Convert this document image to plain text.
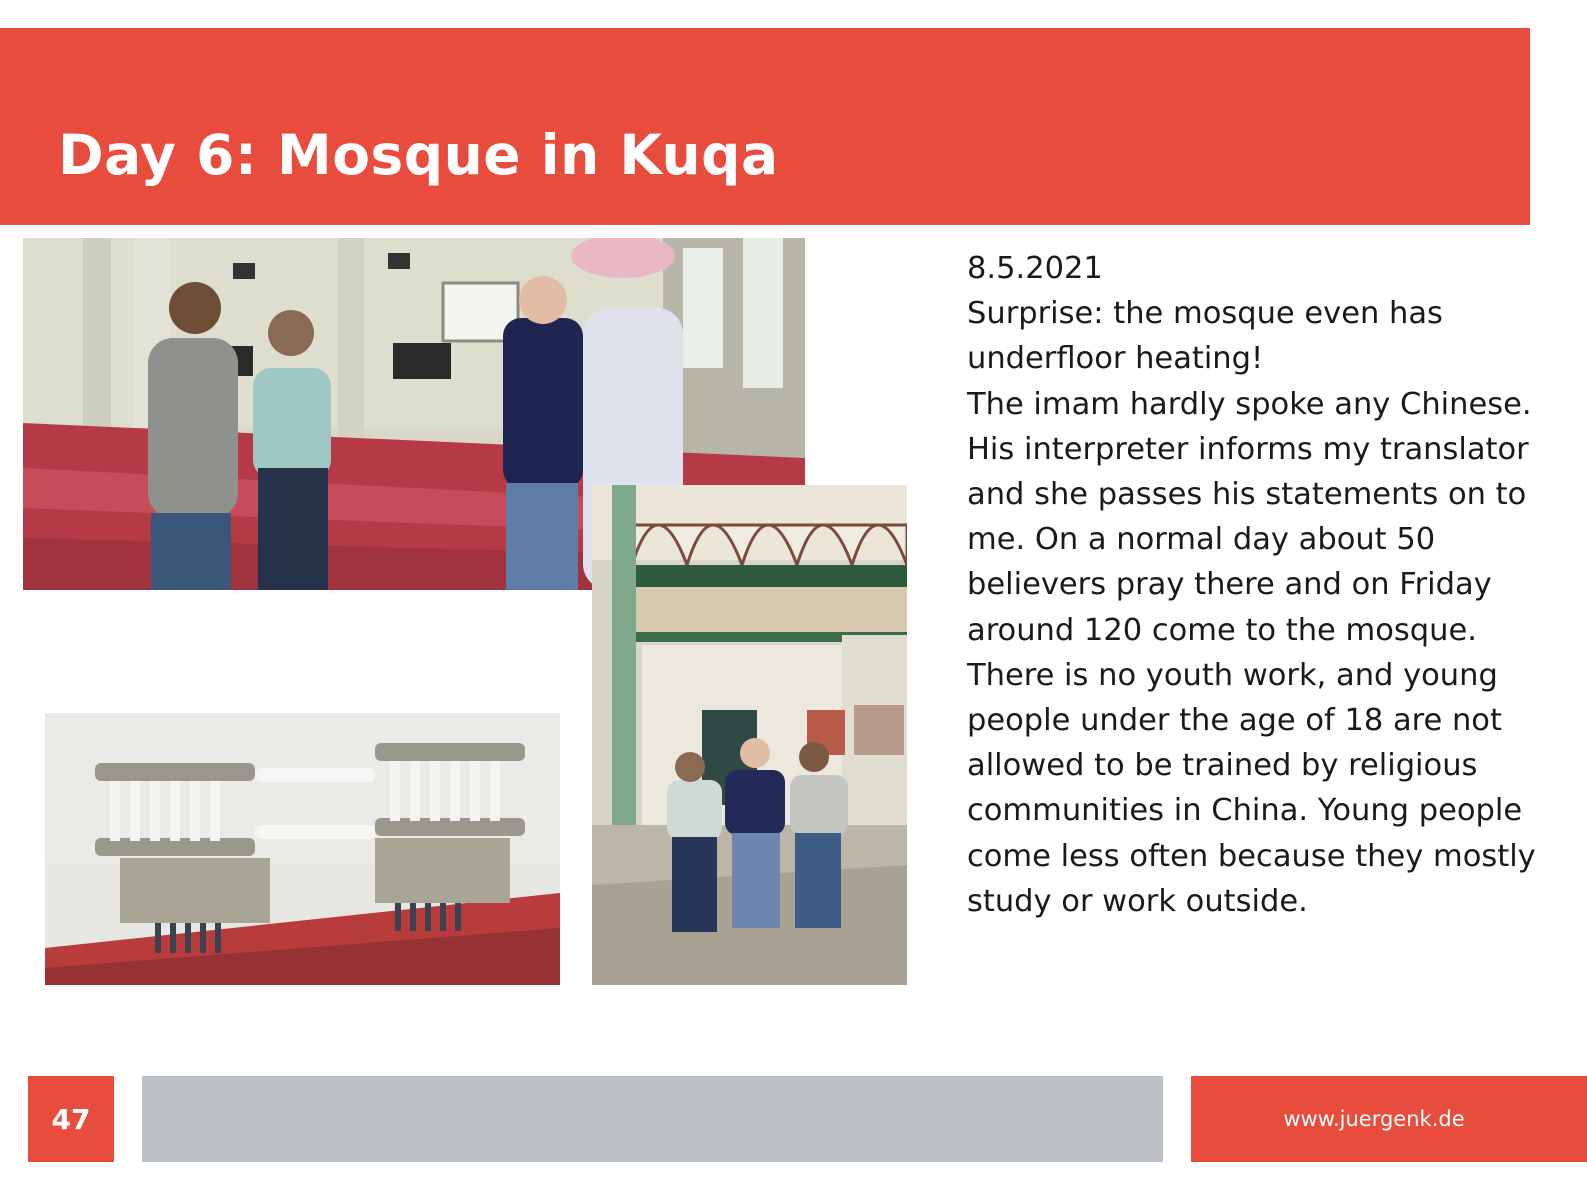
Day 6: Mosque in Kuqa
8.5.2021
Surprise: the mosque even has
underfloor heating!
The imam hardly spoke any Chinese.
His interpreter informs my translator
and she passes his statements on to
me. On a normal day about 50
believers pray there and on Friday
around 120 come to the mosque.
There is no youth work, and young
people under the age of 18 are not
allowed to be trained by religious
communities in China. Young people
come less often because they mostly
study or work outside.
47	www.juergenk.de
